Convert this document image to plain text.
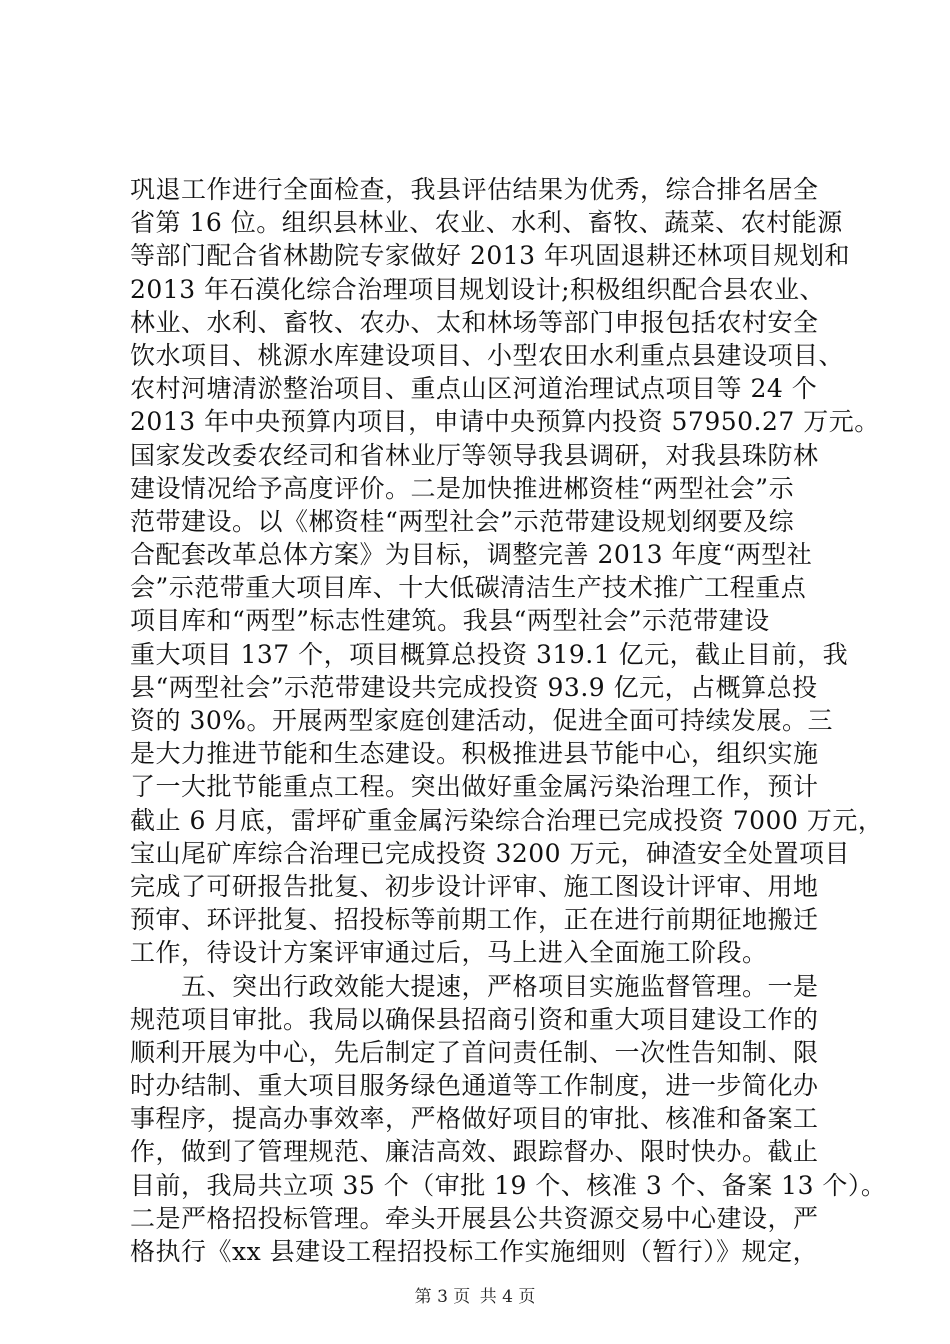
巩退工作进行全面检查，我县评估结果为优秀，综合排名居全
省第 16 位。组织县林业、农业、水利、畜牧、蔬菜、农村能源
等部门配合省林勘院专家做好 2013 年巩固退耕还林项目规划和
2013 年石漠化综合治理项目规划设计;积极组织配合县农业、
林业、水利、畜牧、农办、太和林场等部门申报包括农村安全
饮水项目、桃源水库建设项目、小型农田水利重点县建设项目、
农村河塘清淤整治项目、重点山区河道治理试点项目等 24 个
2013 年中央预算内项目，申请中央预算内投资 57950.27 万元。
国家发改委农经司和省林业厅等领导我县调研，对我县珠防林
建设情况给予高度评价。二是加快推进郴资桂“两型社会”示
范带建设。以《郴资桂“两型社会”示范带建设规划纲要及综
合配套改革总体方案》为目标，调整完善 2013 年度“两型社
会”示范带重大项目库、十大低碳清洁生产技术推广工程重点
项目库和“两型”标志性建筑。我县“两型社会”示范带建设
重大项目 137 个，项目概算总投资 319.1 亿元，截止目前，我
县“两型社会”示范带建设共完成投资 93.9 亿元，占概算总投
资的 30%。开展两型家庭创建活动，促进全面可持续发展。三
是大力推进节能和生态建设。积极推进县节能中心，组织实施
了一大批节能重点工程。突出做好重金属污染治理工作，预计
截止 6 月底，雷坪矿重金属污染综合治理已完成投资 7000 万元，
宝山尾矿库综合治理已完成投资 3200 万元，砷渣安全处置项目
完成了可研报告批复、初步设计评审、施工图设计评审、用地
预审、环评批复、招投标等前期工作，正在进行前期征地搬迁
工作，待设计方案评审通过后，马上进入全面施工阶段。
　　五、突出行政效能大提速，严格项目实施监督管理。一是
规范项目审批。我局以确保县招商引资和重大项目建设工作的
顺利开展为中心，先后制定了首问责任制、一次性告知制、限
时办结制、重大项目服务绿色通道等工作制度，进一步简化办
事程序，提高办事效率，严格做好项目的审批、核准和备案工
作，做到了管理规范、廉洁高效、跟踪督办、限时快办。截止
目前，我局共立项 35 个（审批 19 个、核准 3 个、备案 13 个）。
二是严格招投标管理。牵头开展县公共资源交易中心建设，严
格执行《xx 县建设工程招投标工作实施细则（暂行）》规定，
第 3 页 共 4 页
